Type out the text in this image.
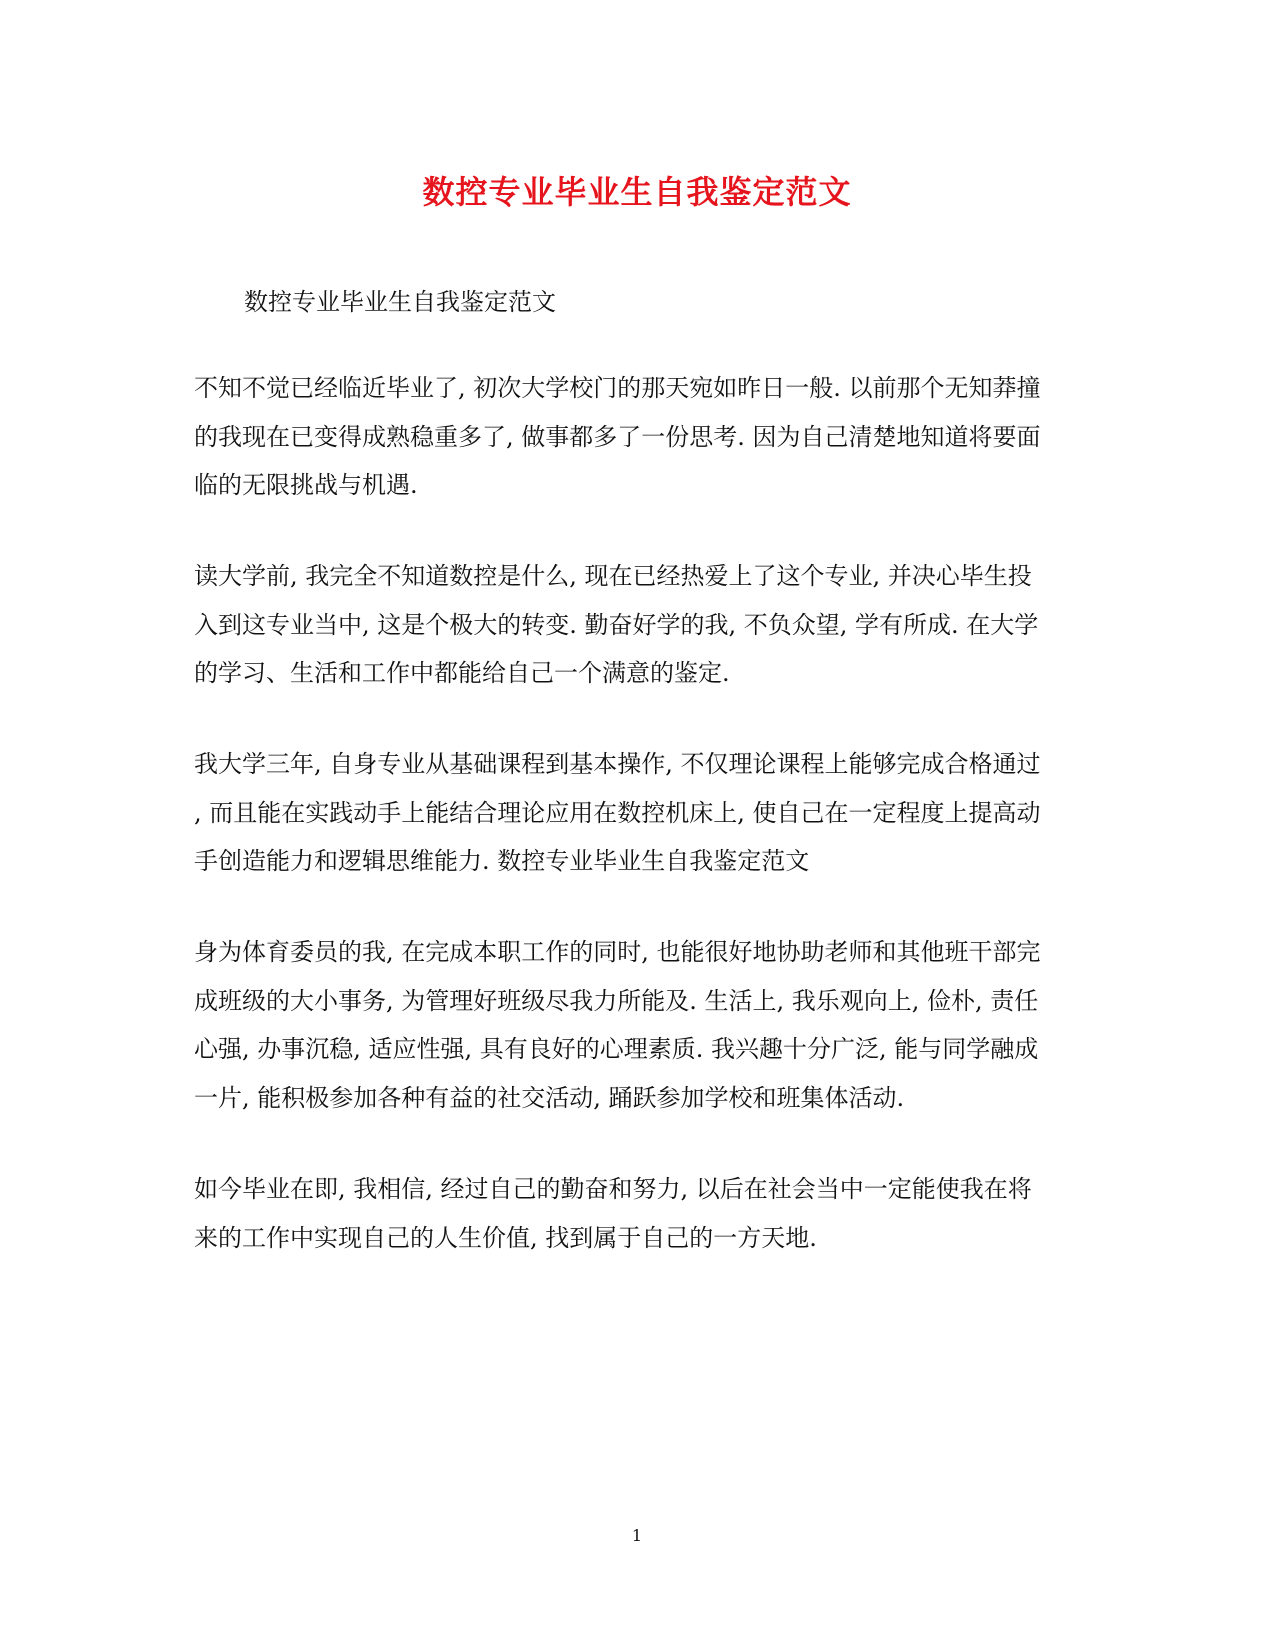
数控专业毕业生自我鉴定范文
数控专业毕业生自我鉴定范文
不知不觉已经临近毕业了, 初次大学校门的那天宛如昨日一般. 以前那个无知莽撞
的我现在已变得成熟稳重多了, 做事都多了一份思考. 因为自己清楚地知道将要面
临的无限挑战与机遇.
读大学前, 我完全不知道数控是什么, 现在已经热爱上了这个专业, 并决心毕生投
入到这专业当中, 这是个极大的转变. 勤奋好学的我, 不负众望, 学有所成. 在大学
的学习、生活和工作中都能给自己一个满意的鉴定.
我大学三年, 自身专业从基础课程到基本操作, 不仅理论课程上能够完成合格通过
, 而且能在实践动手上能结合理论应用在数控机床上, 使自己在一定程度上提高动
手创造能力和逻辑思维能力. 数控专业毕业生自我鉴定范文
身为体育委员的我, 在完成本职工作的同时, 也能很好地协助老师和其他班干部完
成班级的大小事务, 为管理好班级尽我力所能及. 生活上, 我乐观向上, 俭朴, 责任
心强, 办事沉稳, 适应性强, 具有良好的心理素质. 我兴趣十分广泛, 能与同学融成
一片, 能积极参加各种有益的社交活动, 踊跃参加学校和班集体活动.
如今毕业在即, 我相信, 经过自己的勤奋和努力, 以后在社会当中一定能使我在将
来的工作中实现自己的人生价值, 找到属于自己的一方天地.
1
